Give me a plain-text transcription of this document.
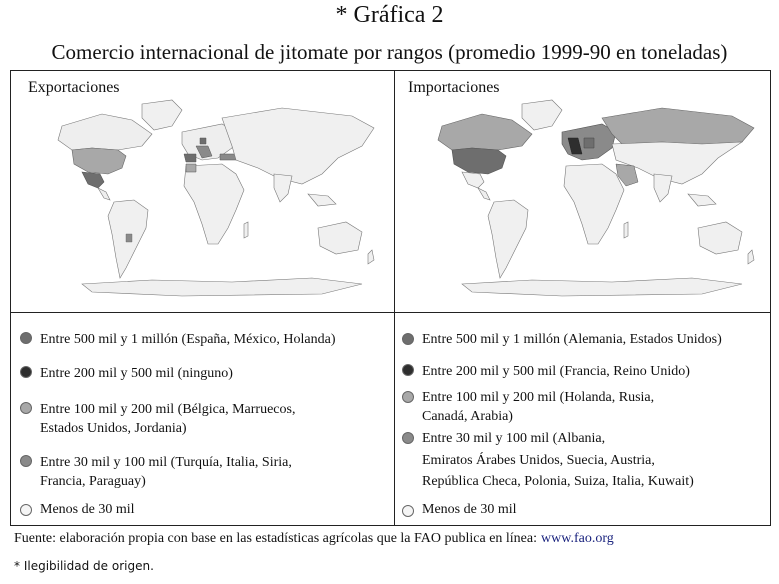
* Gráfica 2
Comercio internacional de jitomate por rangos (promedio 1999-90 en toneladas)
Exportaciones	Importaciones
Entre 500 mil y 1 millón (España, México, Holanda)
Entre 200 mil y 500 mil (ninguno)
Entre 100 mil y 200 mil (Bélgica, Marruecos,
Estados Unidos, Jordania)
Entre 30 mil y 100 mil (Turquía, Italia, Siria,
Francia, Paraguay)
Menos de 30 mil
Entre 500 mil y 1 millón (Alemania, Estados Unidos)
Entre 200 mil y 500 mil (Francia, Reino Unido)
Entre 100 mil y 200 mil (Holanda, Rusia,
Canadá, Arabia)
Entre 30 mil y 100 mil (Albania,
Emiratos Árabes Unidos, Suecia, Austria,
República Checa, Polonia, Suiza, Italia, Kuwait)
Menos de 30 mil
Fuente: elaboración propia con base en las estadísticas agrícolas que la FAO publica en línea: www.fao.org
* Ilegibilidad de origen.
